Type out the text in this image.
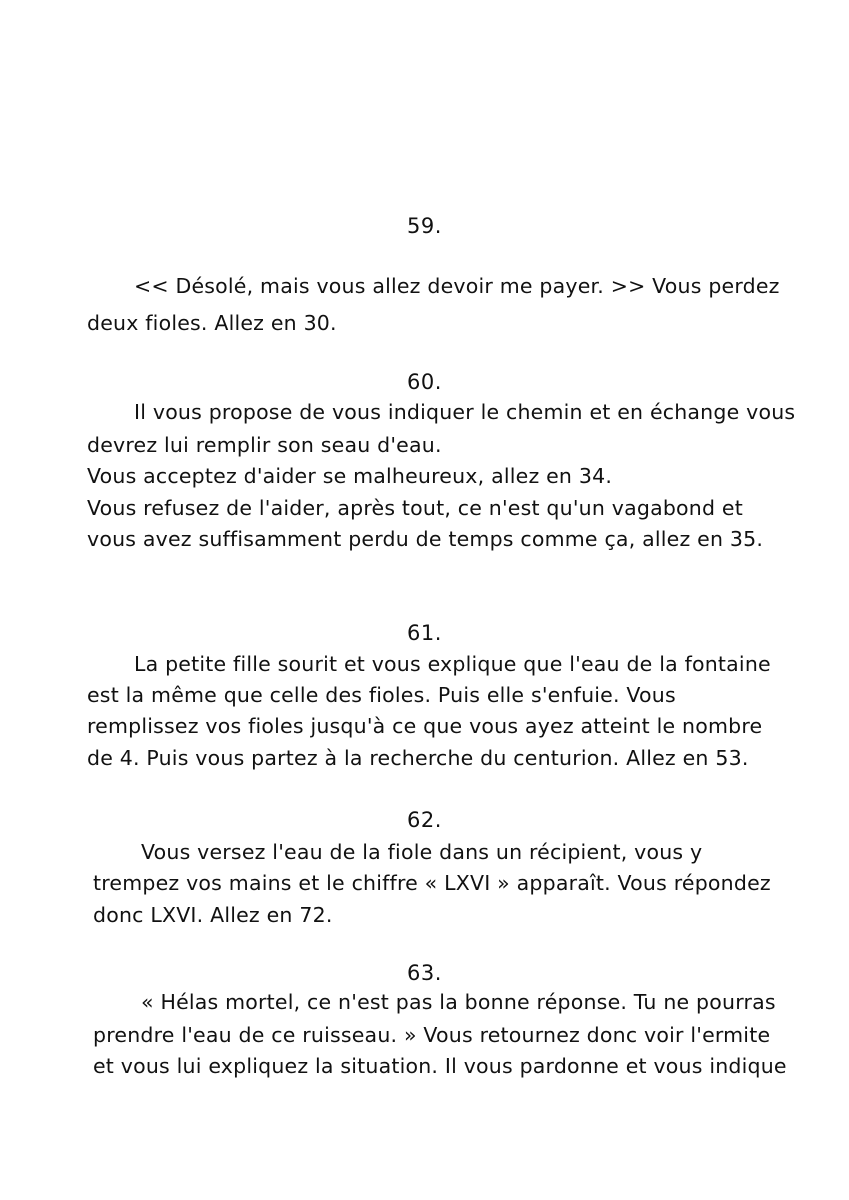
59.
<< Désolé, mais vous allez devoir me payer. >> Vous perdez
deux fioles. Allez en 30.
60.
Il vous propose de vous indiquer le chemin et en échange vous
devrez lui remplir son seau d'eau.
Vous acceptez d'aider se malheureux, allez en 34.
Vous refusez de l'aider, après tout, ce n'est qu'un vagabond et
vous avez suffisamment perdu de temps comme ça, allez en 35.
61.
La petite fille sourit et vous explique que l'eau de la fontaine
est la même que celle des fioles. Puis elle s'enfuie. Vous
remplissez vos fioles jusqu'à ce que vous ayez atteint le nombre
de 4. Puis vous partez à la recherche du centurion. Allez en 53.
62.
Vous versez l'eau de la fiole dans un récipient, vous y
trempez vos mains et le chiffre « LXVI » apparaît. Vous répondez
donc LXVI. Allez en 72.
63.
« Hélas mortel, ce n'est pas la bonne réponse. Tu ne pourras
prendre l'eau de ce ruisseau. » Vous retournez donc voir l'ermite
et vous lui expliquez la situation. Il vous pardonne et vous indique
